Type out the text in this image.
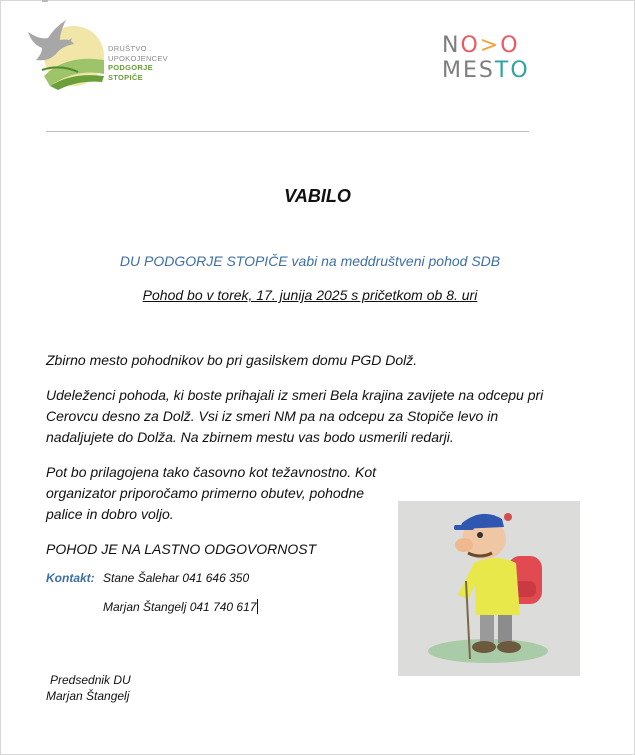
DRUŠTVO
UPOKOJENCEV
PODGORJE
STOPIČE
NO>O
MESTO
VABILO
DU PODGORJE STOPIČE vabi na meddruštveni pohod SDB
Pohod bo v torek, 17. junija 2025 s pričetkom ob 8. uri
Zbirno mesto pohodnikov bo pri gasilskem domu PGD Dolž.
Udeleženci pohoda, ki boste prihajali iz smeri Bela krajina zavijete na odcepu pri Cerovcu desno za Dolž. Vsi iz smeri NM pa na odcepu za Stopiče levo in nadaljujete do Dolža. Na zbirnem mestu vas bodo usmerili redarji.
Pot bo prilagojena tako časovno kot težavnostno. Kot organizator priporočamo primerno obutev, pohodne palice in dobro voljo.
POHOD JE NA LASTNO ODGOVORNOST
Kontakt: Stane Šalehar 041 646 350
Marjan Štangelj 041 740 617
Predsednik DU
Marjan Štangelj
